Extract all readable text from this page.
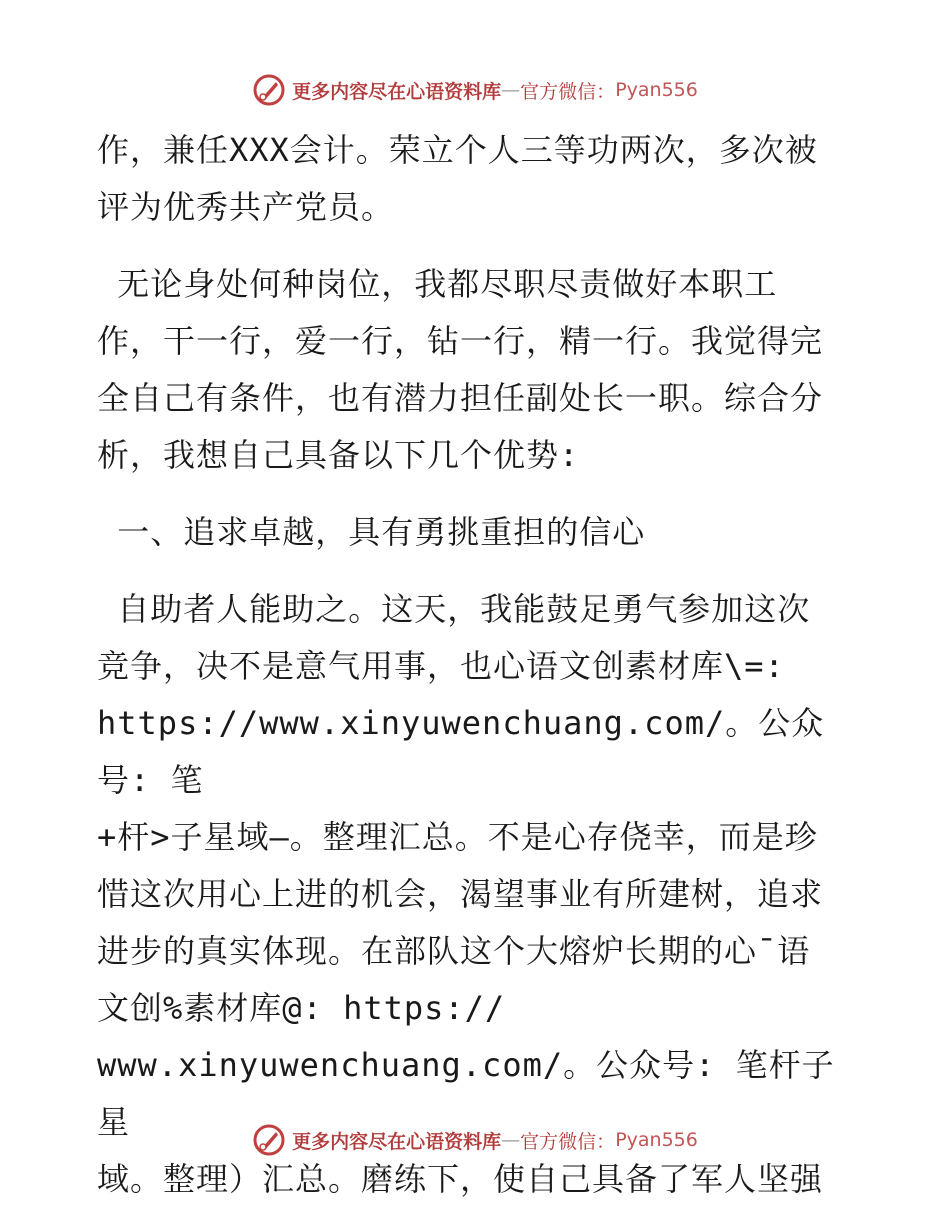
更多内容尽在心语资料库 — 官方微信： Pyan556

作，兼任XXX会计。荣立个人三等功两次，多次被
评为优秀共产党员。

无论身处何种岗位，我都尽职尽责做好本职工
作，干一行，爱一行，钻一行，精一行。我觉得完
全自己有条件，也有潜力担任副处长一职。综合分
析，我想自己具备以下几个优势:

一、追求卓越，具有勇挑重担的信心

自助者人能助之。这天，我能鼓足勇气参加这次
竞争，决不是意气用事，也心语文创素材库\=:
https://www.xinyuwenchuang.com/。公众号: 笔
+杆>子星域—。整理汇总。不是心存侥幸，而是珍
惜这次用心上进的机会，渴望事业有所建树，追求
进步的真实体现。在部队这个大熔炉长期的心¯语
文创%素材库@: https://
www.xinyuwenchuang.com/。公众号: 笔杆子星
域。整理）汇总。磨练下，使自己具备了军人坚强

更多内容尽在心语资料库 — 官方微信： Pyan556
